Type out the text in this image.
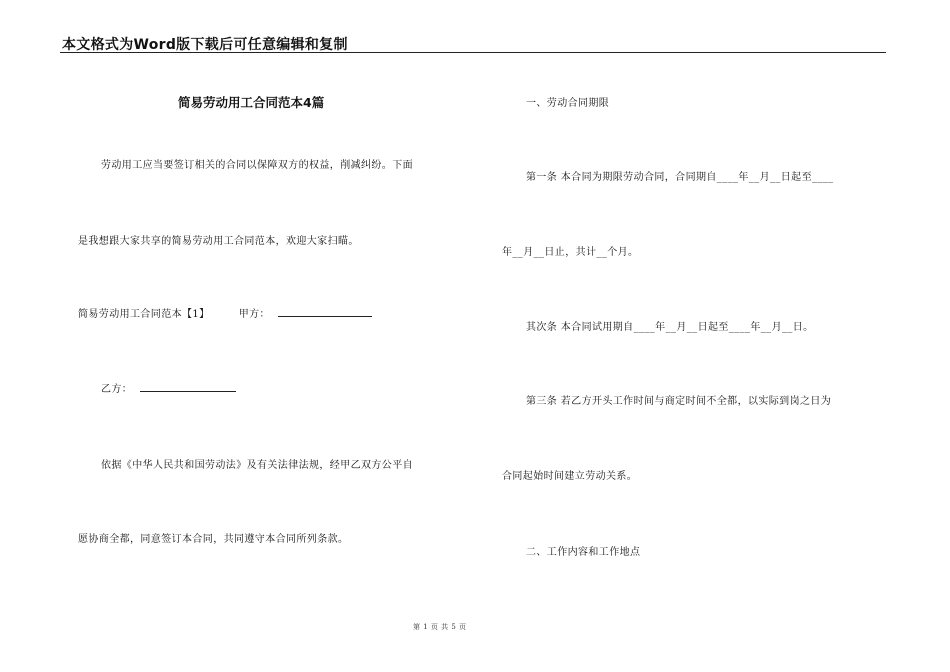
本文格式为Word版下载后可任意编辑和复制
简易劳动用工合同范本4篇
劳动用工应当要签订相关的合同以保障双方的权益，削减纠纷。下面
是我想跟大家共享的简易劳动用工合同范本，欢迎大家扫瞄。
简易劳动用工合同范本【1】	甲方：
乙方：
依据《中华人民共和国劳动法》及有关法律法规，经甲乙双方公平自
愿协商全都，同意签订本合同，共同遵守本合同所列条款。
一、劳动合同期限
第一条 本合同为期限劳动合同，合同期自____年__月__日起至____
年__月__日止，共计__个月。
其次条 本合同试用期自____年__月__日起至____年__月__日。
第三条 若乙方开头工作时间与商定时间不全都，以实际到岗之日为
合同起始时间建立劳动关系。
二、工作内容和工作地点
第 1 页 共 5 页
